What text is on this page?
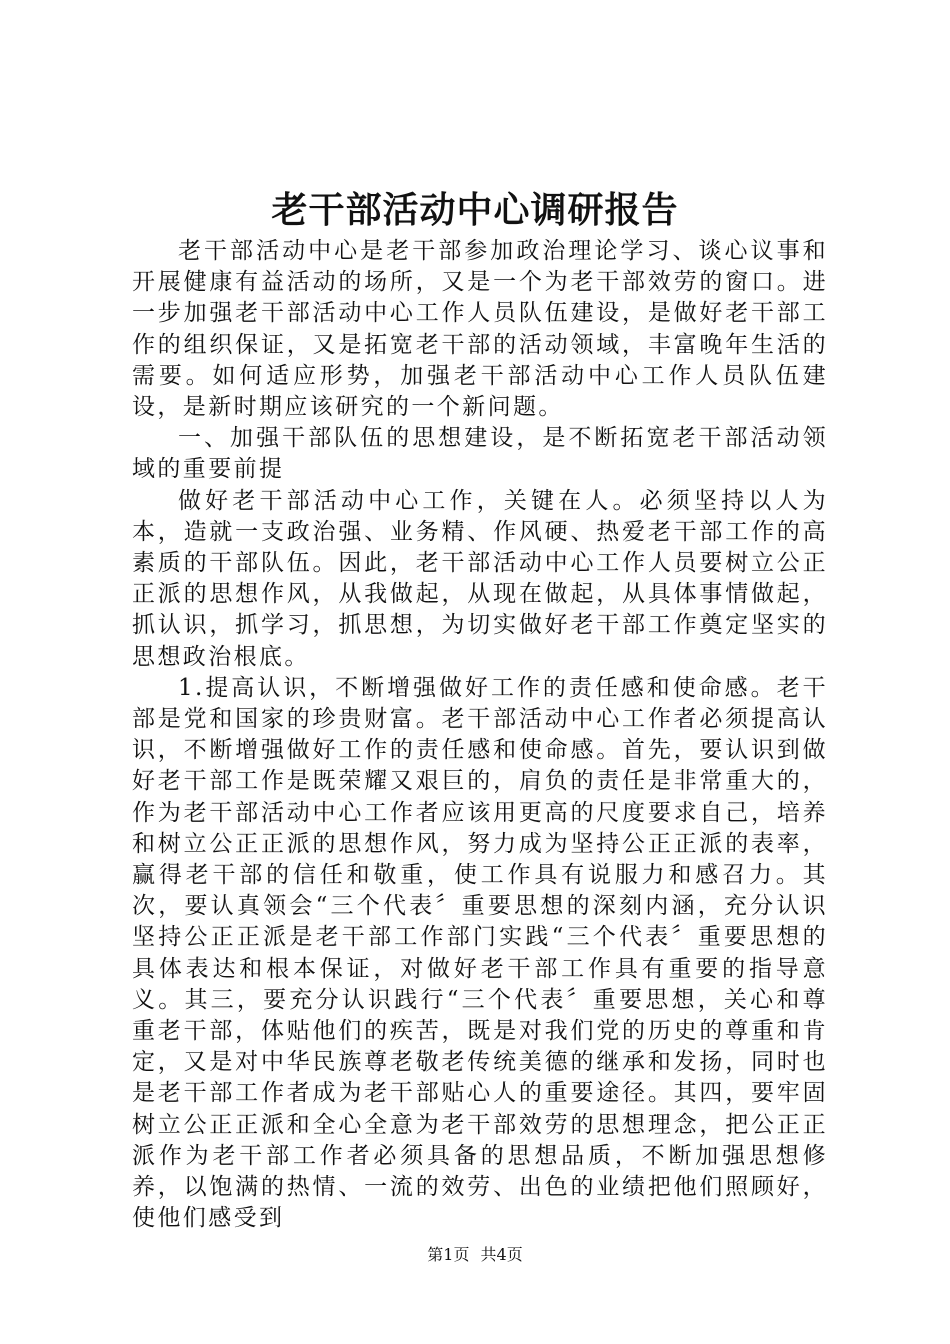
老干部活动中心调研报告

老干部活动中心是老干部参加政治理论学习、谈心议事和开展健康有益活动的场所，又是一个为老干部效劳的窗口。进一步加强老干部活动中心工作人员队伍建设，是做好老干部工作的组织保证，又是拓宽老干部的活动领域，丰富晚年生活的需要。如何适应形势，加强老干部活动中心工作人员队伍建设，是新时期应该研究的一个新问题。

一、加强干部队伍的思想建设，是不断拓宽老干部活动领域的重要前提

做好老干部活动中心工作，关键在人。必须坚持以人为本，造就一支政治强、业务精、作风硬、热爱老干部工作的高素质的干部队伍。因此，老干部活动中心工作人员要树立公正正派的思想作风，从我做起，从现在做起，从具体事情做起，抓认识，抓学习，抓思想，为切实做好老干部工作奠定坚实的思想政治根底。

1.提高认识，不断增强做好工作的责任感和使命感。老干部是党和国家的珍贵财富。老干部活动中心工作者必须提高认识，不断增强做好工作的责任感和使命感。首先，要认识到做好老干部工作是既荣耀又艰巨的，肩负的责任是非常重大的，作为老干部活动中心工作者应该用更高的尺度要求自己，培养和树立公正正派的思想作风，努力成为坚持公正正派的表率，赢得老干部的信任和敬重，使工作具有说服力和感召力。其次，要认真领会“三个代表〞重要思想的深刻内涵，充分认识坚持公正正派是老干部工作部门实践“三个代表〞重要思想的具体表达和根本保证，对做好老干部工作具有重要的指导意义。其三，要充分认识践行“三个代表〞重要思想，关心和尊重老干部，体贴他们的疾苦，既是对我们党的历史的尊重和肯定，又是对中华民族尊老敬老传统美德的继承和发扬，同时也是老干部工作者成为老干部贴心人的重要途径。其四，要牢固树立公正正派和全心全意为老干部效劳的思想理念，把公正正派作为老干部工作者必须具备的思想品质，不断加强思想修养，以饱满的热情、一流的效劳、出色的业绩把他们照顾好，使他们感受到

第1页 共4页
